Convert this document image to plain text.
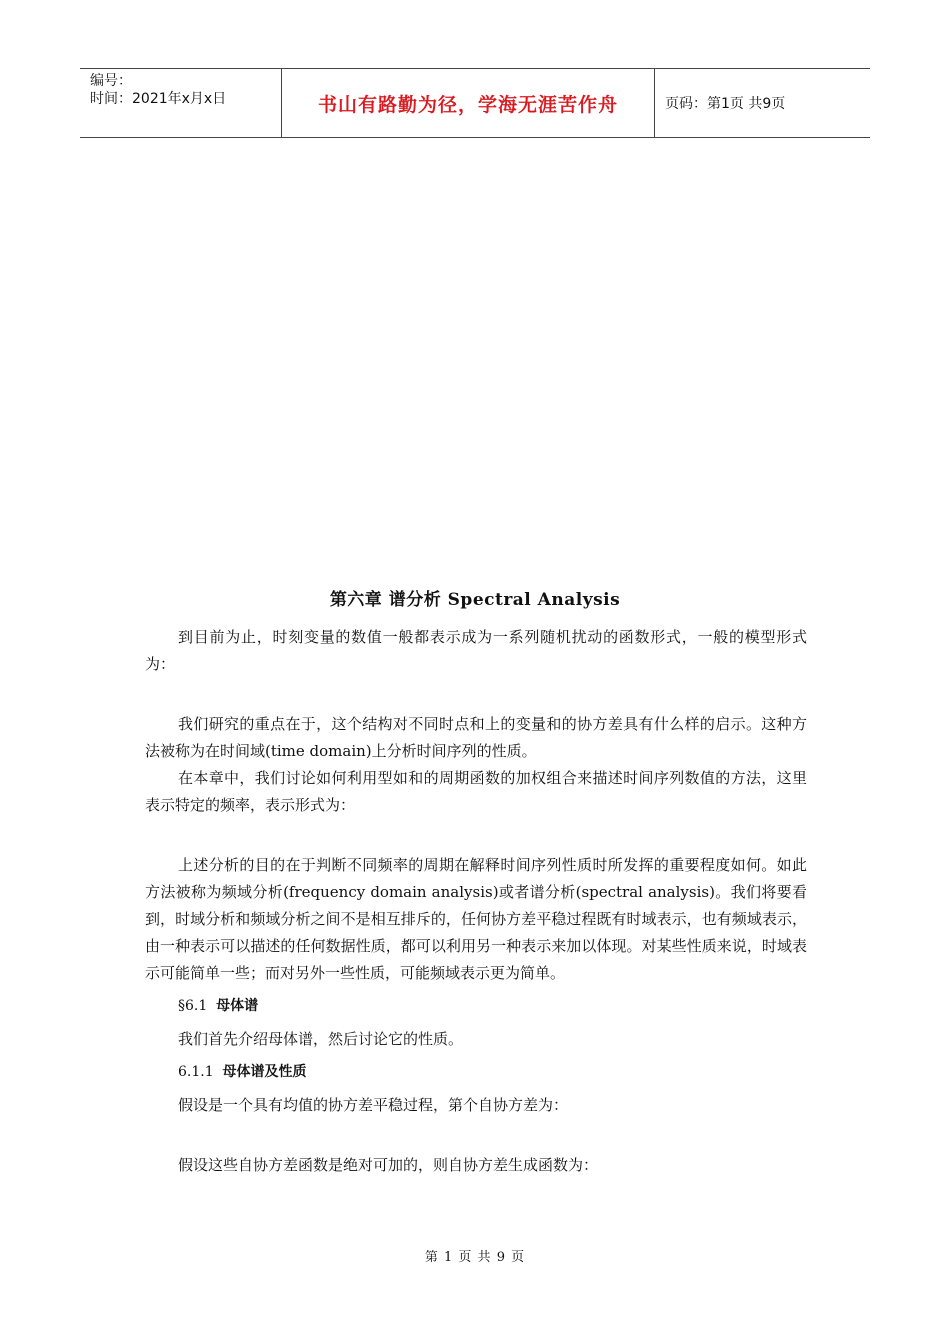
编号：
时间：2021年x月x日	书山有路勤为径，学海无涯苦作舟	页码：第1页 共9页
第六章 谱分析 Spectral Analysis

到目前为止，时刻变量的数值一般都表示成为一系列随机扰动的函数形式，一般的模型形式为：

我们研究的重点在于，这个结构对不同时点和上的变量和的协方差具有什么样的启示。这种方法被称为在时间域(time domain)上分析时间序列的性质。

在本章中，我们讨论如何利用型如和的周期函数的加权组合来描述时间序列数值的方法，这里表示特定的频率，表示形式为：

上述分析的目的在于判断不同频率的周期在解释时间序列性质时所发挥的重要程度如何。如此方法被称为频域分析(frequency domain analysis)或者谱分析(spectral analysis)。我们将要看到，时域分析和频域分析之间不是相互排斥的，任何协方差平稳过程既有时域表示，也有频域表示，由一种表示可以描述的任何数据性质，都可以利用另一种表示来加以体现。对某些性质来说，时域表示可能简单一些；而对另外一些性质，可能频域表示更为简单。

§6.1 母体谱

我们首先介绍母体谱，然后讨论它的性质。

6.1.1 母体谱及性质

假设是一个具有均值的协方差平稳过程，第个自协方差为：

假设这些自协方差函数是绝对可加的，则自协方差生成函数为：

第 1 页 共 9 页
